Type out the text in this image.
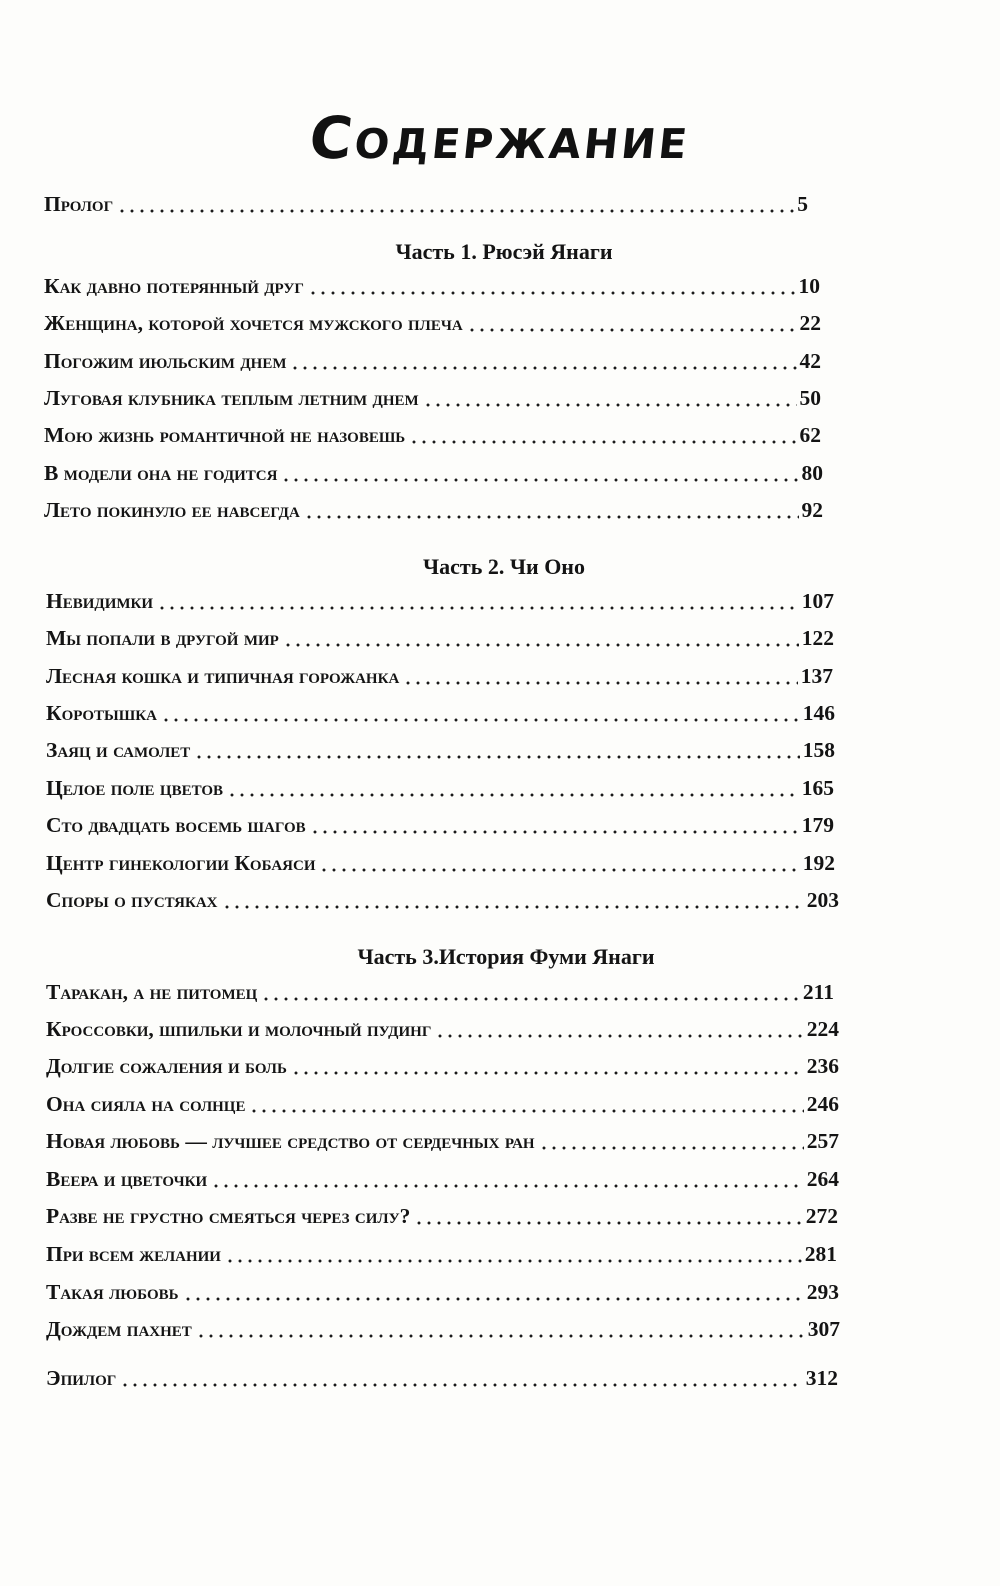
Содержание
Пролог	5
Часть 1. Рюсэй Янаги
Как давно потерянный друг	10
Женщина, которой хочется мужского плеча	22
Погожим июльским днем	42
Луговая клубника теплым летним днем	50
Мою жизнь романтичной не назовешь	62
В модели она не годится	80
Лето покинуло ее навсегда	92
Часть 2. Чи Оно
Невидимки	107
Мы попали в другой мир	122
Лесная кошка и типичная горожанка	137
Коротышка	146
Заяц и самолет	158
Целое поле цветов	165
Сто двадцать восемь шагов	179
Центр гинекологии Кобаяси	192
Споры о пустяках	203
Часть 3.История Фуми Янаги
Таракан, а не питомец	211
Кроссовки, шпильки и молочный пудинг	224
Долгие сожаления и боль	236
Она сияла на солнце	246
Новая любовь — лучшее средство от сердечных ран	257
Веера и цветочки	264
Разве не грустно смеяться через силу?	272
При всем желании	281
Такая любовь	293
Дождем пахнет	307
Эпилог	312
